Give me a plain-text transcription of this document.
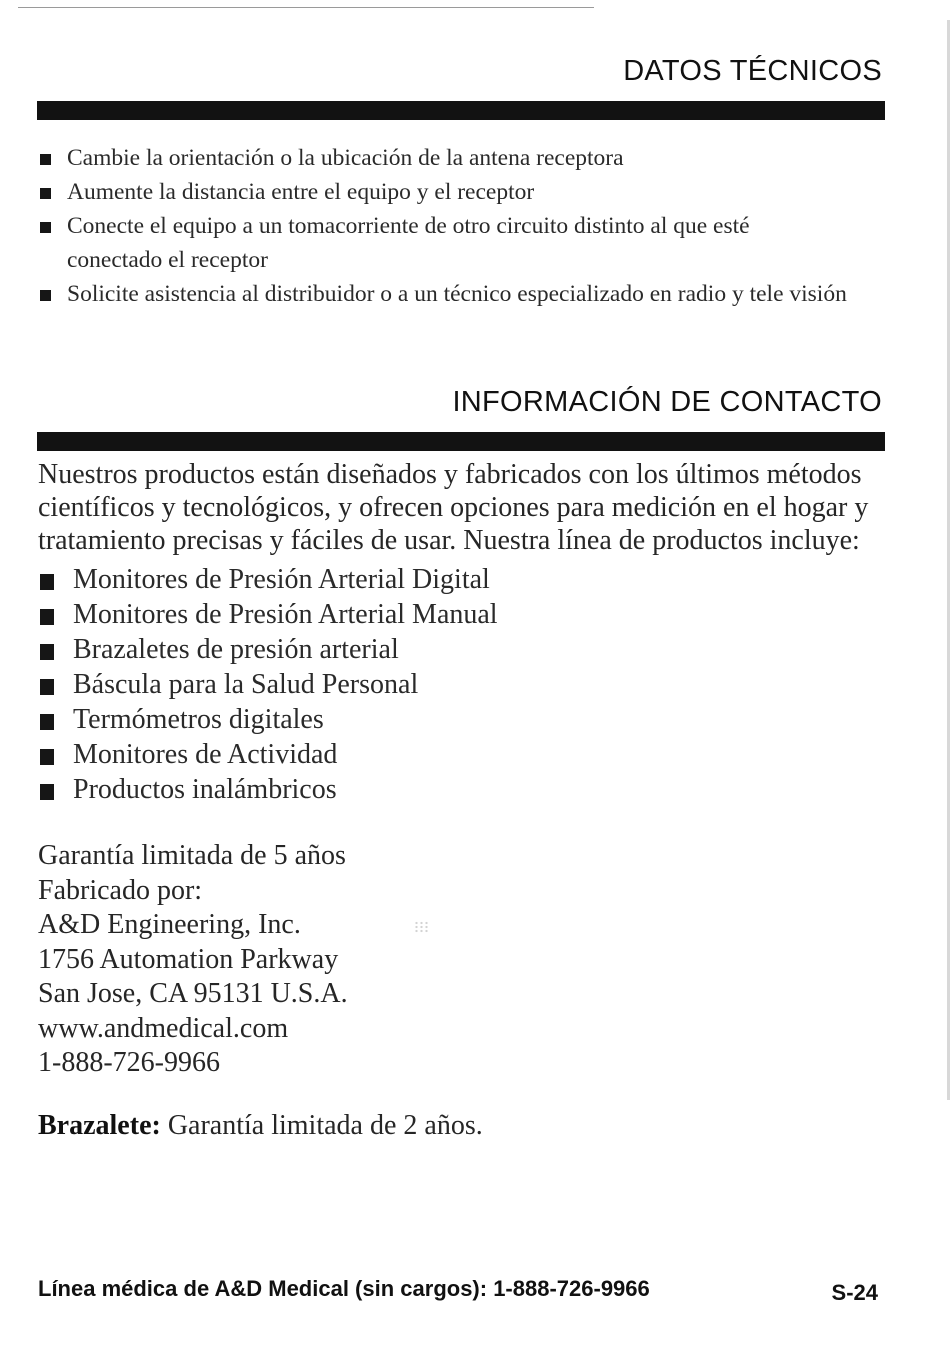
DATOS TÉCNICOS
Cambie la orientación o la ubicación de la antena receptora
Aumente la distancia entre el equipo y el receptor
Conecte el equipo a un tomacorriente de otro circuito distinto al que esté conectado el receptor
Solicite asistencia al distribuidor o a un técnico especializado en radio y tele visión
INFORMACIÓN DE CONTACTO

Nuestros productos están diseñados y fabricados con los últimos métodos científicos y tecnológicos, y ofrecen opciones para medición en el hogar y tratamiento precisas y fáciles de usar. Nuestra línea de productos incluye:

Monitores de Presión Arterial Digital
Monitores de Presión Arterial Manual
Brazaletes de presión arterial
Báscula para la Salud Personal
Termómetros digitales
Monitores de Actividad
Productos inalámbricos
Garantía limitada de 5 años
Fabricado por:
A&D Engineering, Inc.
1756 Automation Parkway
San Jose, CA 95131 U.S.A.
www.andmedical.com
1-888-726-9966

Brazalete: Garantía limitada de 2 años.

Línea médica de A&D Medical (sin cargos): 1-888-726-9966	S-24
